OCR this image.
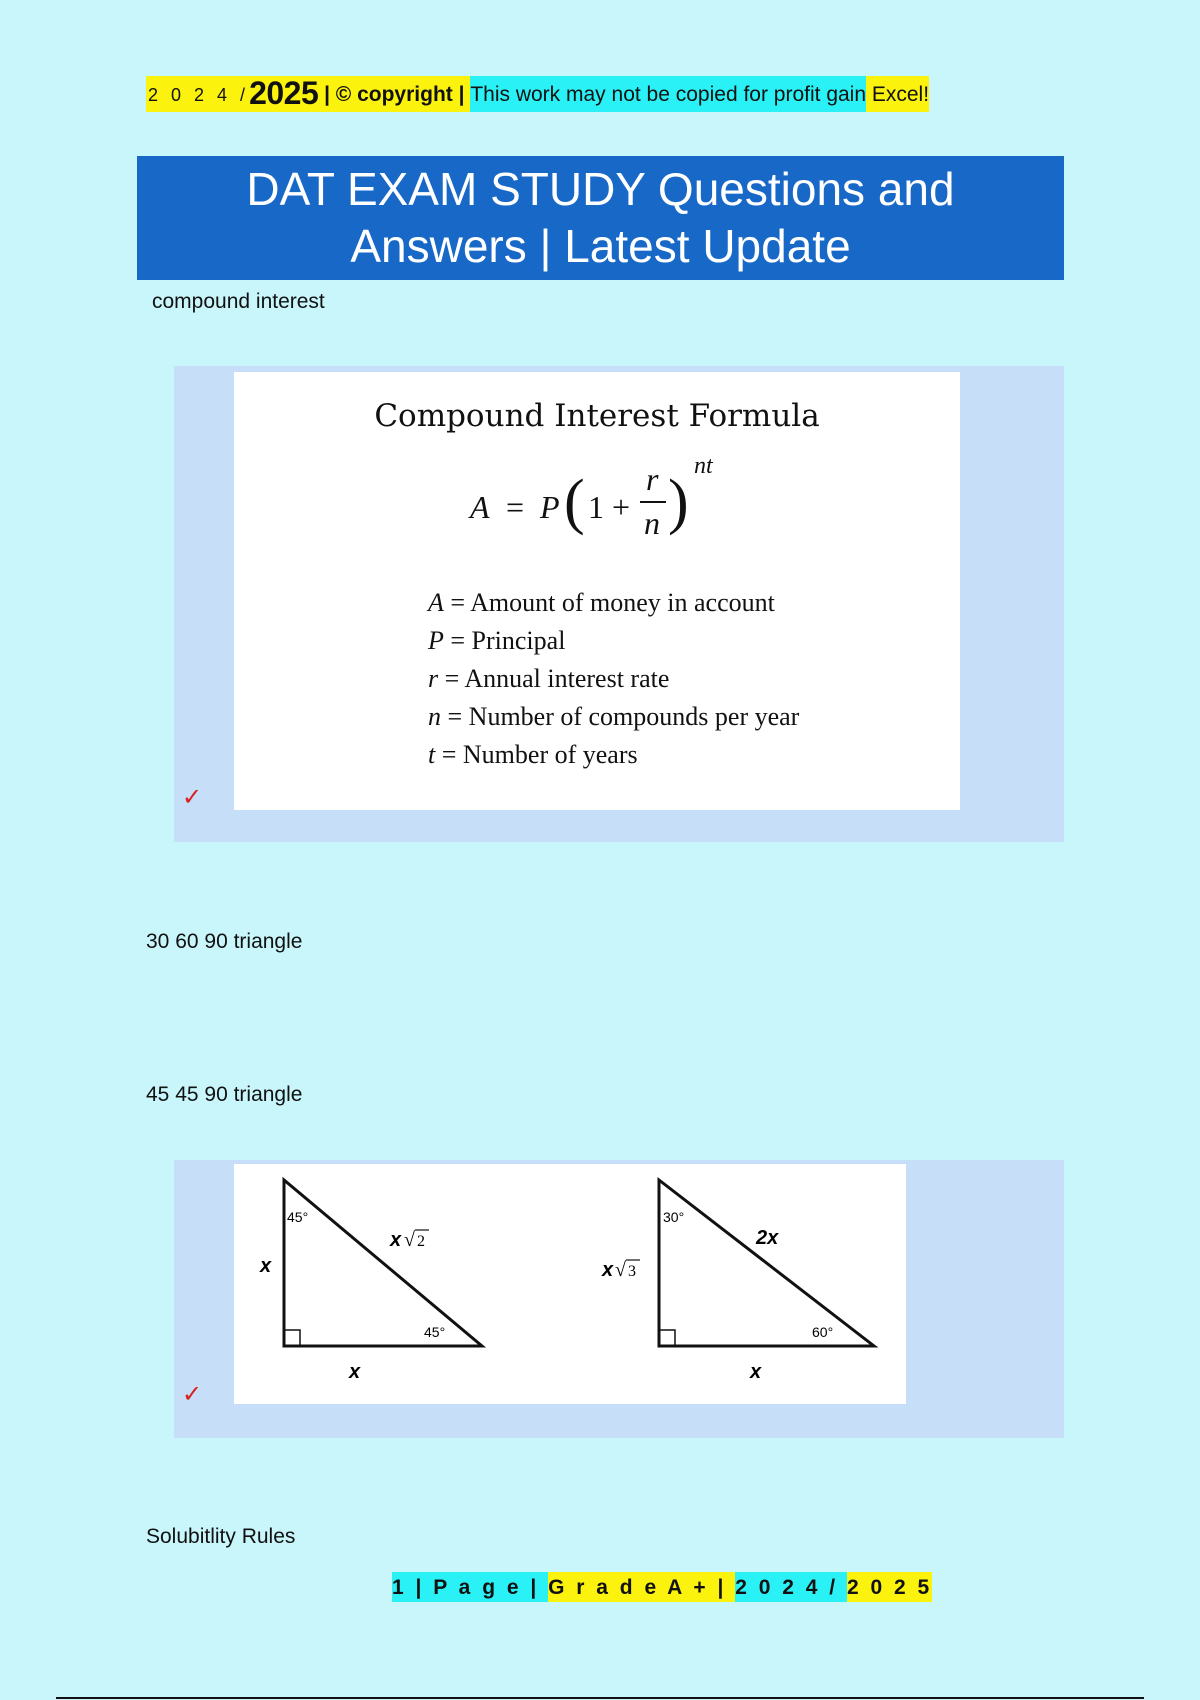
2 0 2 4 / 2025 | © copyright | This work may not be copied for profit gain Excel!
DAT EXAM STUDY Questions and
Answers | Latest Update
compound interest
✓
Compound Interest Formula
A = P ( 1 +
r
n )
nt
A = Amount of money in account
P = Principal
r = Annual interest rate
n = Number of compounds per year
t = Number of years
30 60 90 triangle
45 45 90 triangle
✓
45°
45°
x
x
x √ 2
30°
60°
x √ 3
x
2x
Solubitlity Rules
1 | P a g e | G r a d e A + | 2 0 2 4 / 2 0 2 5
